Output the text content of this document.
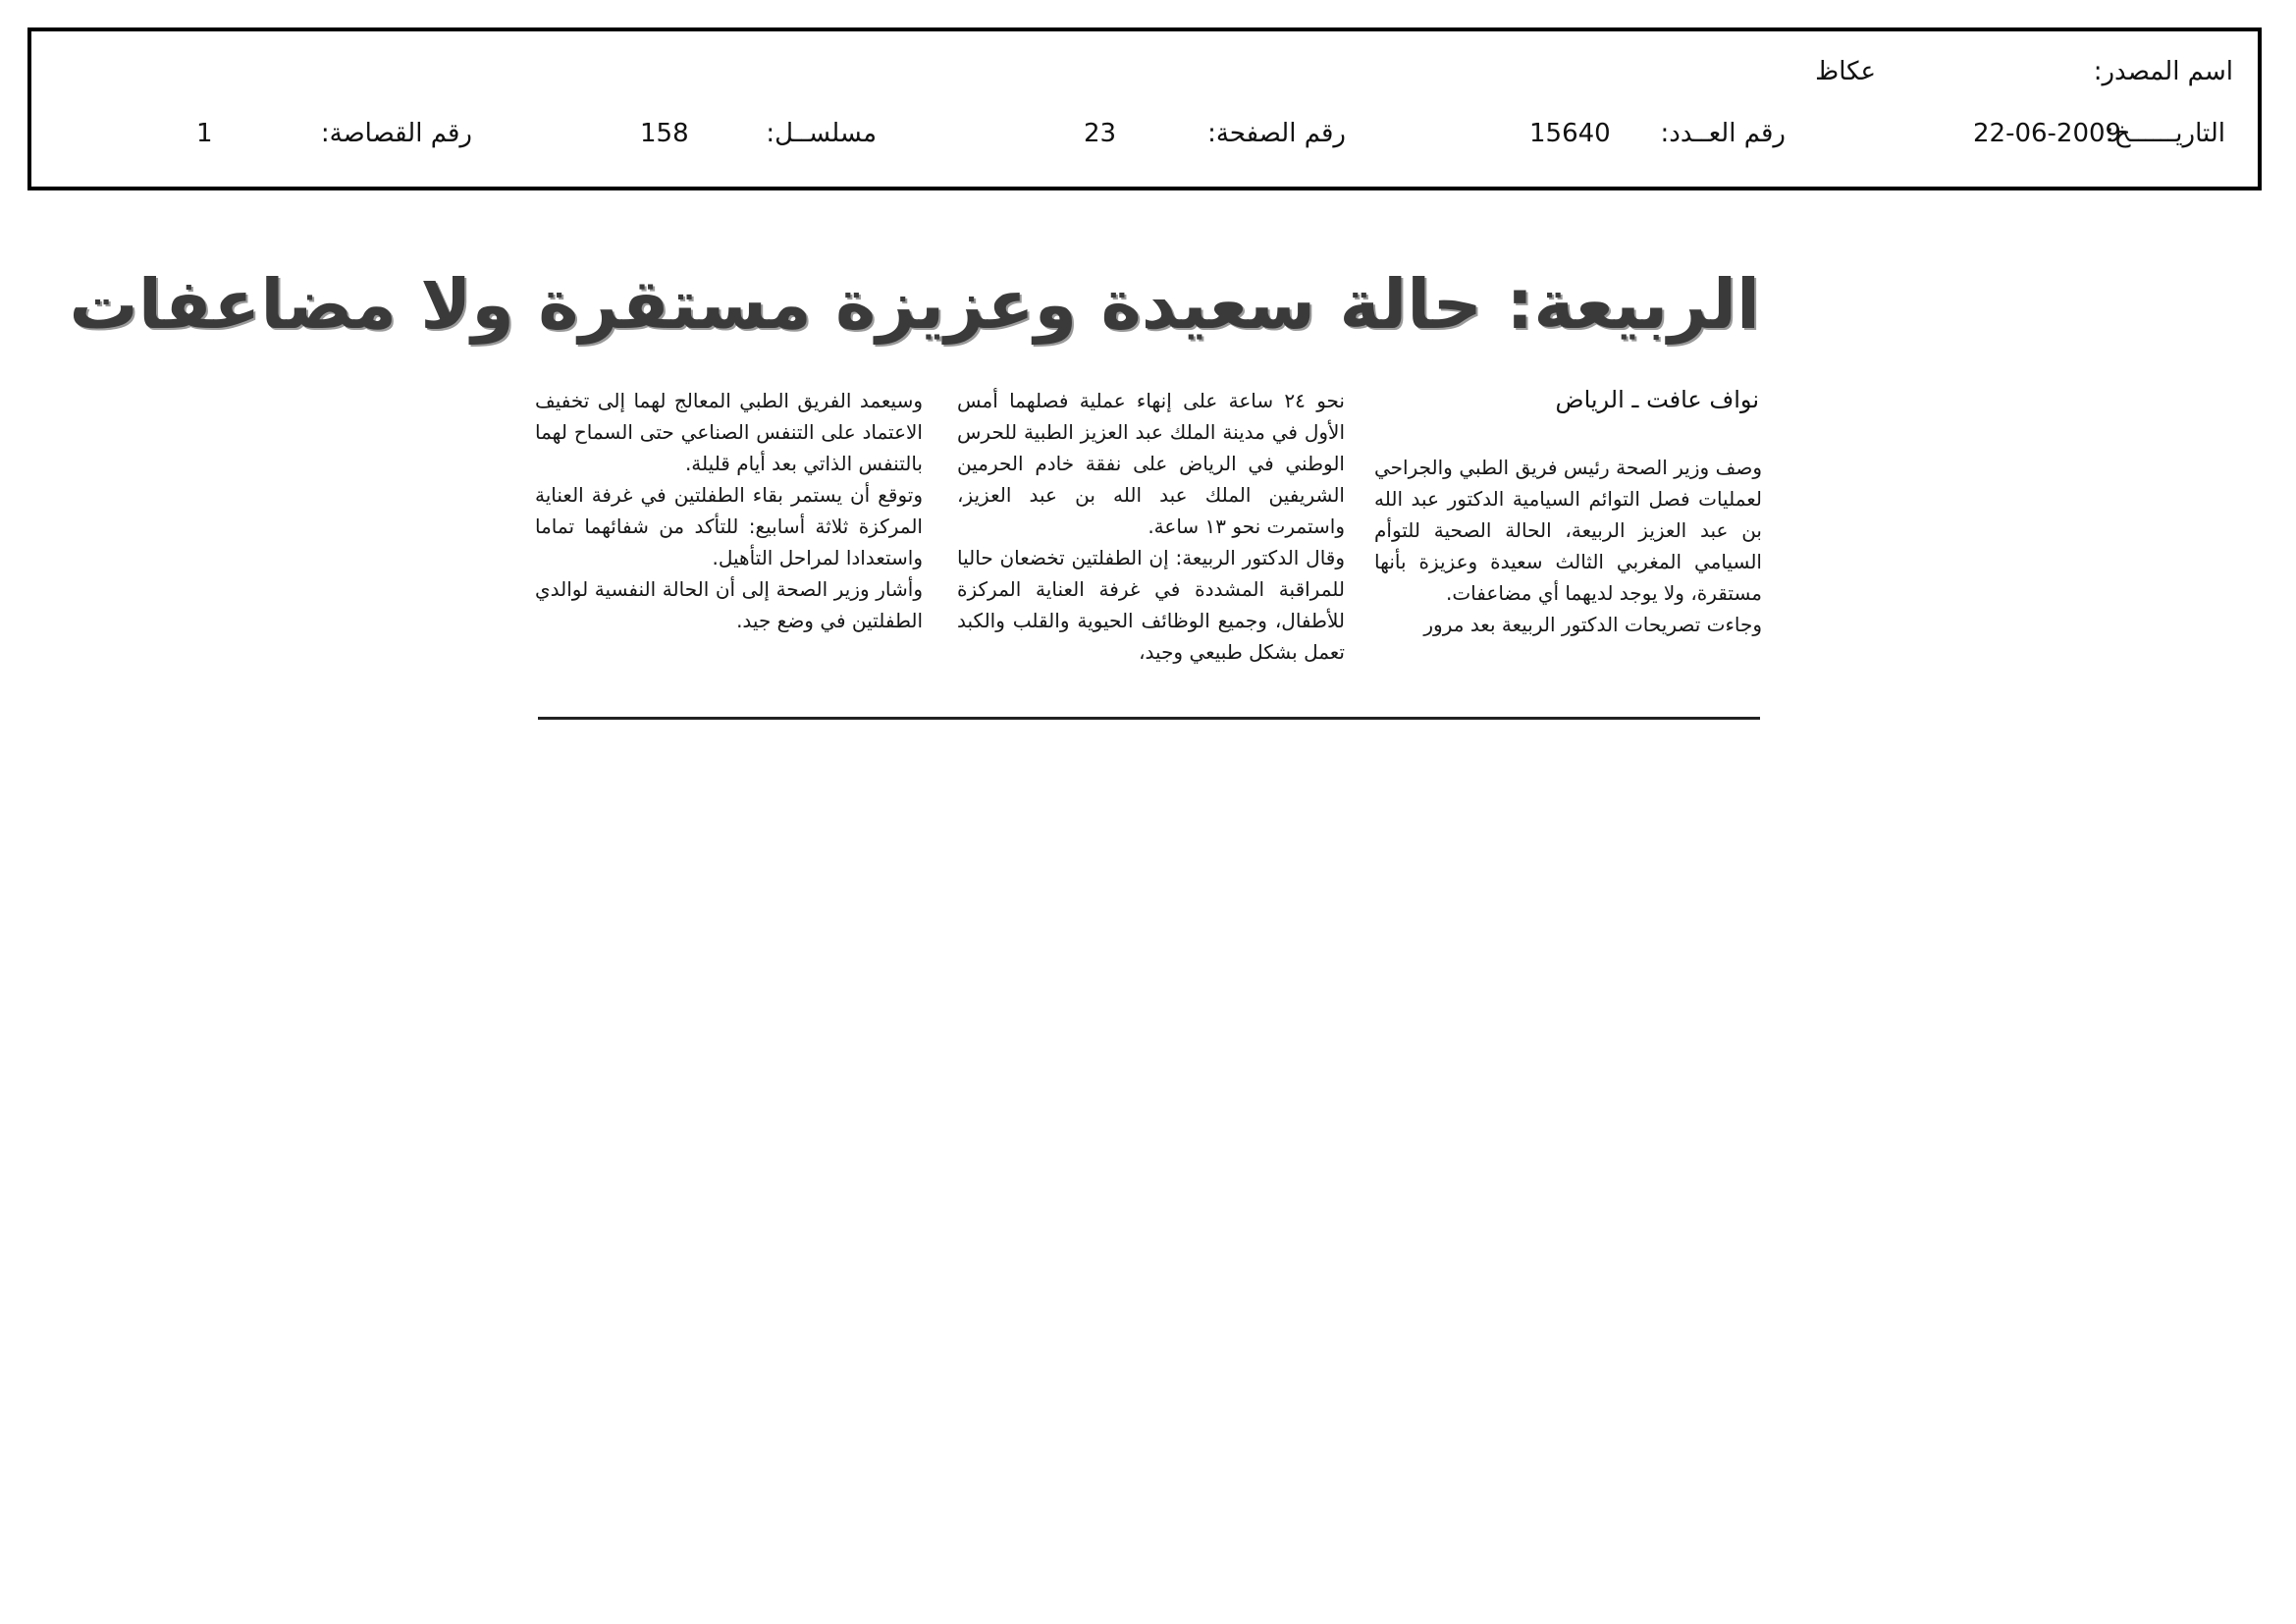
اسم المصدر:
عكاظ
التاريــــــخ:
22-06-2009
رقم العــدد:
15640
رقم الصفحة:
23
مسلســل:
158
رقم القصاصة:
1
الربيعة: حالة سعيدة وعزيزة مستقرة ولا مضاعفات
نواف عافت ـ الرياض

وصف وزير الصحة رئيس فريق الطبي والجراحي لعمليات فصل التوائم السيامية الدكتور عبد الله بن عبد العزيز الربيعة، الحالة الصحية للتوأم السيامي المغربي الثالث سعيدة وعزيزة بأنها مستقرة، ولا يوجد لديهما أي مضاعفات.

وجاءت تصريحات الدكتور الربيعة بعد مرور

نحو ٢٤ ساعة على إنهاء عملية فصلهما أمس الأول في مدينة الملك عبد العزيز الطبية للحرس الوطني في الرياض على نفقة خادم الحرمين الشريفين الملك عبد الله بن عبد العزيز، واستمرت نحو ١٣ ساعة.

وقال الدكتور الربيعة: إن الطفلتين تخضعان حاليا للمراقبة المشددة في غرفة العناية المركزة للأطفال، وجميع الوظائف الحيوية والقلب والكبد تعمل بشكل طبيعي وجيد،

وسيعمد الفريق الطبي المعالج لهما إلى تخفيف الاعتماد على التنفس الصناعي حتى السماح لهما بالتنفس الذاتي بعد أيام قليلة.

وتوقع أن يستمر بقاء الطفلتين في غرفة العناية المركزة ثلاثة أسابيع: للتأكد من شفائهما تماما واستعدادا لمراحل التأهيل.

وأشار وزير الصحة إلى أن الحالة النفسية لوالدي الطفلتين في وضع جيد.
